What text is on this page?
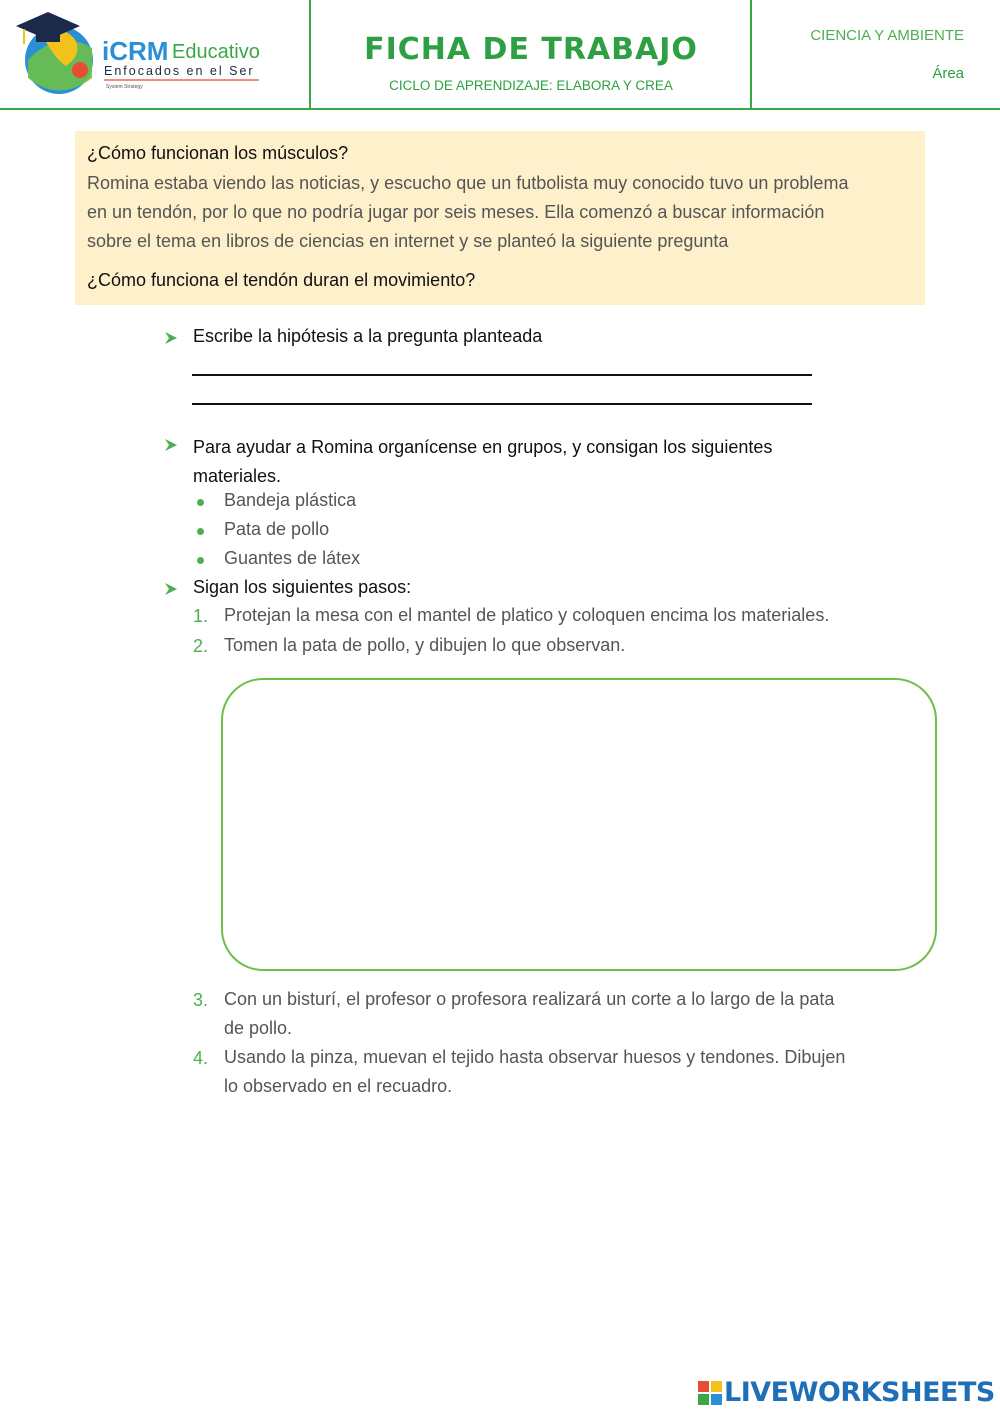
iCRM Educativo
Enfocados en el Ser
System Strategy
FICHA DE TRABAJO
CICLO DE APRENDIZAJE: ELABORA Y CREA
CIENCIA Y AMBIENTE
Área
¿Cómo funcionan los músculos?
Romina estaba viendo las noticias, y escucho que un futbolista muy conocido tuvo un problema
en un tendón, por lo que no podría jugar por seis meses. Ella comenzó a buscar información
sobre el tema en libros de ciencias en internet y se planteó la siguiente pregunta
¿Cómo funciona el tendón duran el movimiento?
Escribe la hipótesis a la pregunta planteada
Para ayudar a Romina organícense en grupos, y consigan los siguientes
materiales.
Bandeja plástica
Pata de pollo
Guantes de látex
Sigan los siguientes pasos:
1. Protejan la mesa con el mantel de platico y coloquen encima los materiales.
2. Tomen la pata de pollo, y dibujen lo que observan.
3. Con un bisturí, el profesor o profesora realizará un corte a lo largo de la pata
de pollo.
4. Usando la pinza, muevan el tejido hasta observar huesos y tendones. Dibujen
lo observado en el recuadro.
LIVEWORKSHEETS
